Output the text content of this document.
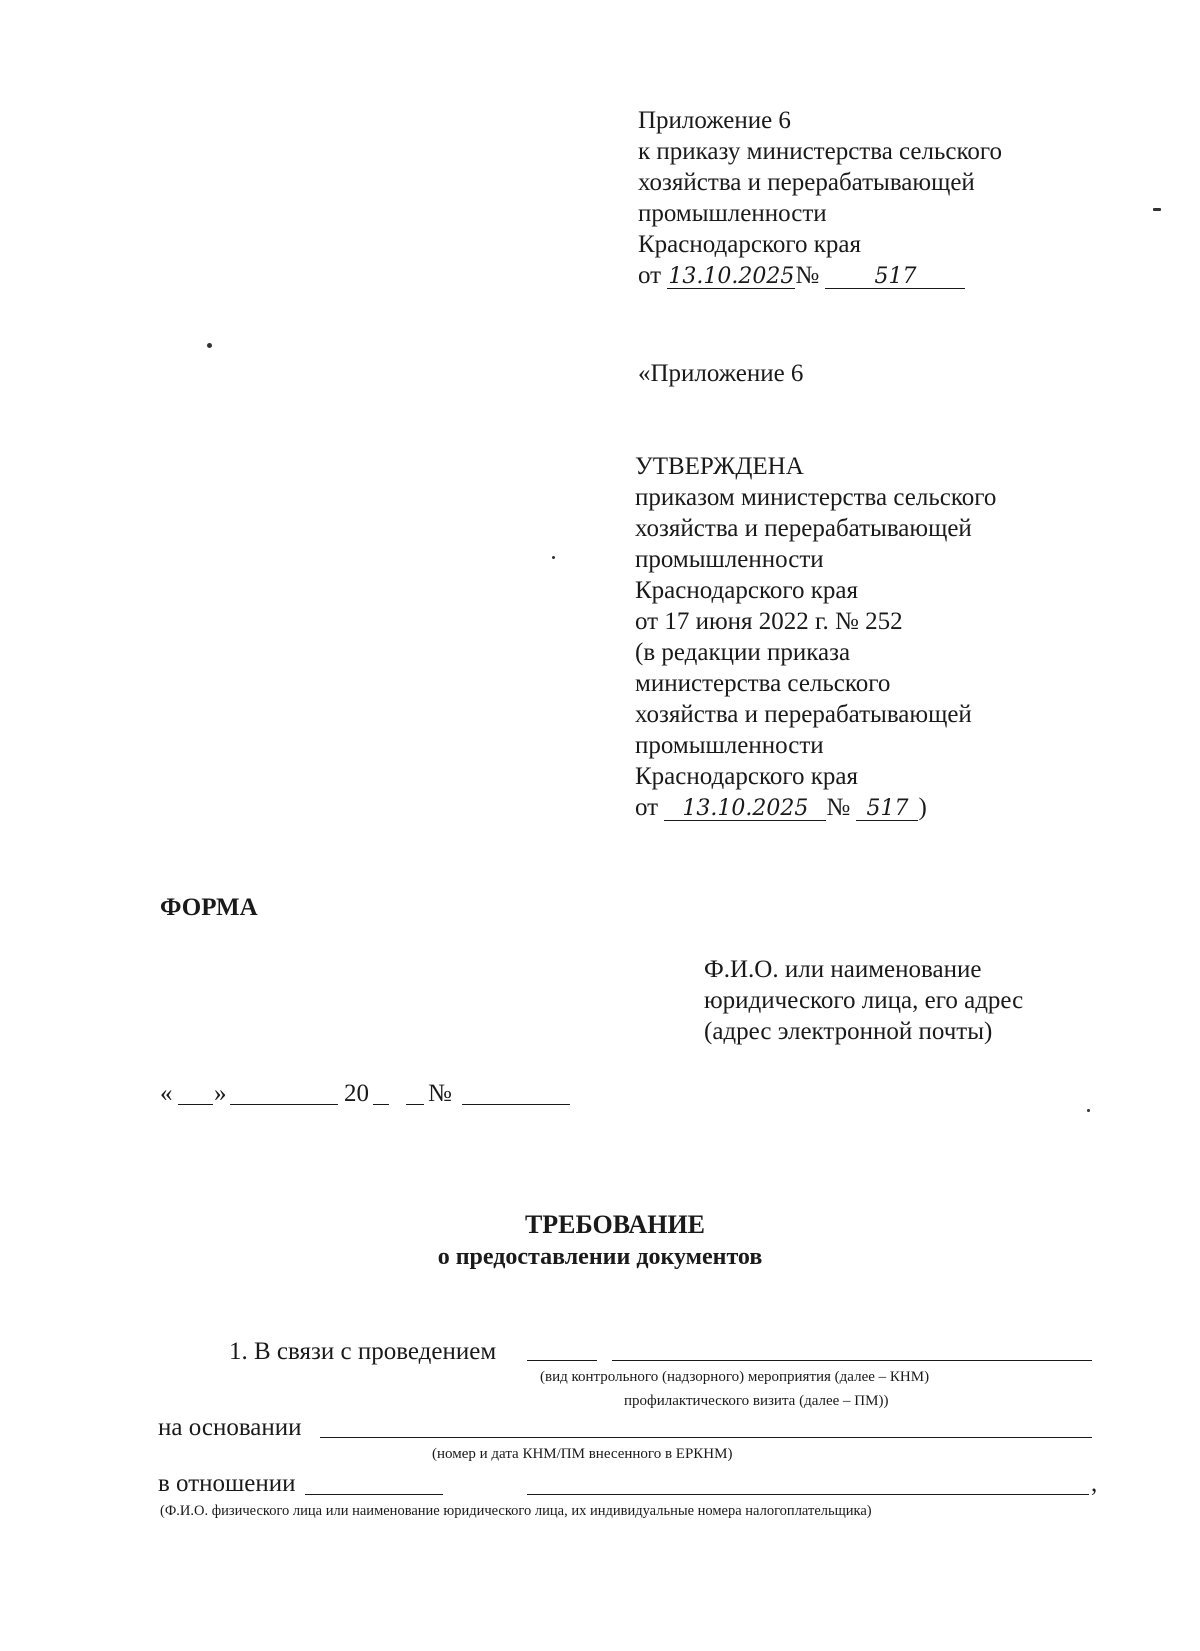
Приложение 6
к приказу министерства сельского
хозяйства и перерабатывающей
промышленности
Краснодарского края
от 13.10.2025№	517
«Приложение 6
УТВЕРЖДЕНА
приказом министерства сельского
хозяйства и перерабатывающей
промышленности
Краснодарского края
от 17 июня 2022 г. № 252
(в редакции приказа
министерства сельского
хозяйства и перерабатывающей
промышленности
Краснодарского края
от 13.10.2025 № 517 )
ФОРМА
Ф.И.О. или наименование
юридического лица, его адрес
(адрес электронной почты)
« »	20 №
ТРЕБОВАНИЕ
о предоставлении документов
1. В связи с проведением
(вид контрольного (надзорного) мероприятия (далее – КНМ)
профилактического визита (далее – ПМ))
на основании
(номер и дата КНМ/ПМ внесенного в ЕРКНМ)
в отношении	,
(Ф.И.О. физического лица или наименование юридического лица, их индивидуальные номера налогоплательщика)
